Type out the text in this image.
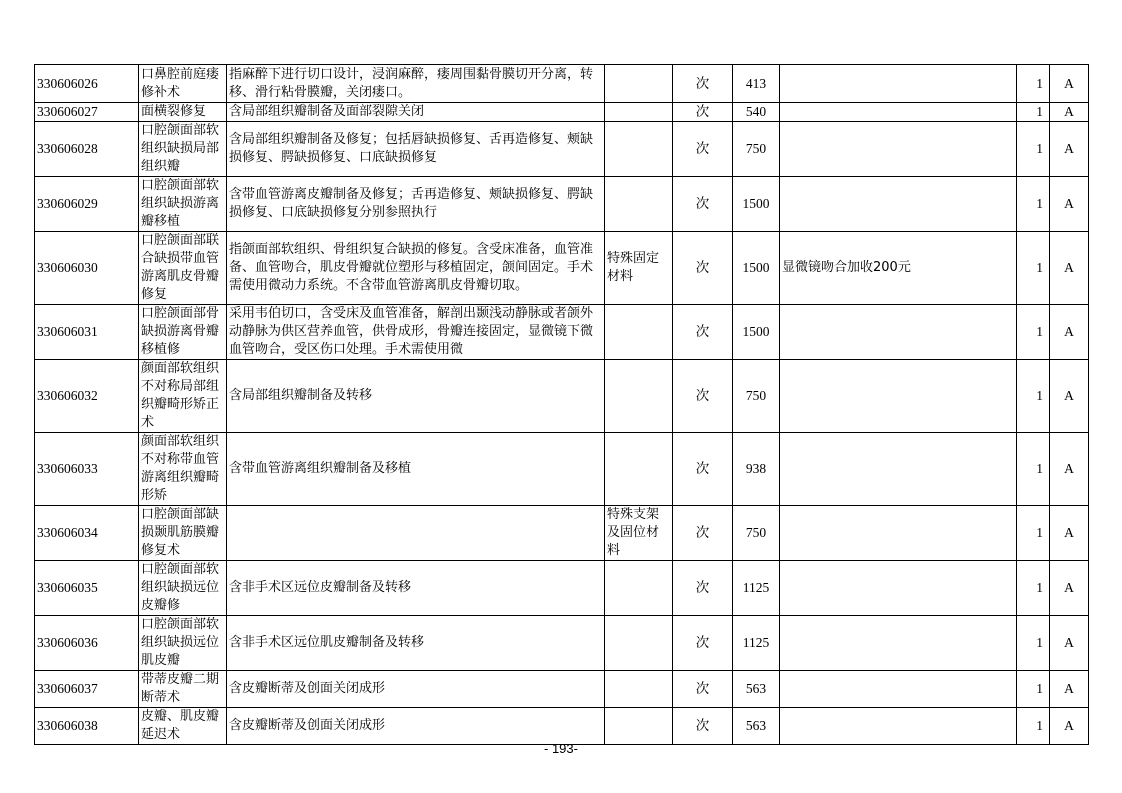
330606026	口鼻腔前庭瘘修补术	指麻醉下进行切口设计，浸润麻醉，瘘周围黏骨膜切开分离，转移、滑行粘骨膜瓣，关闭瘘口。		次	413		1	A

330606027	面横裂修复	含局部组织瓣制备及面部裂隙关闭		次	540		1	A

330606028	口腔颌面部软组织缺损局部组织瓣	含局部组织瓣制备及修复；包括唇缺损修复、舌再造修复、颊缺损修复、腭缺损修复、口底缺损修复		次	750		1	A

330606029	口腔颌面部软组织缺损游离瓣移植	含带血管游离皮瓣制备及修复；舌再造修复、颊缺损修复、腭缺损修复、口底缺损修复分别参照执行		次	1500		1	A

330606030	口腔颌面部联合缺损带血管游离肌皮骨瓣修复	指颌面部软组织、骨组织复合缺损的修复。含受床准备，血管准备、血管吻合，肌皮骨瓣就位塑形与移植固定，颌间固定。手术需使用微动力系统。不含带血管游离肌皮骨瓣切取。	特殊固定材料	次	1500	显微镜吻合加收200元	1	A

330606031	口腔颌面部骨缺损游离骨瓣移植修	采用韦伯切口，含受床及血管准备，解剖出颞浅动静脉或者颌外动静脉为供区营养血管，供骨成形，骨瓣连接固定，显微镜下微血管吻合，受区伤口处理。手术需使用微		次	1500		1	A

330606032	颜面部软组织不对称局部组织瓣畸形矫正术	含局部组织瓣制备及转移		次	750		1	A

330606033	颜面部软组织不对称带血管游离组织瓣畸形矫	含带血管游离组织瓣制备及移植		次	938		1	A

330606034	口腔颌面部缺损颞肌筋膜瓣修复术		特殊支架及固位材料	次	750		1	A

330606035	口腔颌面部软组织缺损远位皮瓣修	含非手术区远位皮瓣制备及转移		次	1125		1	A

330606036	口腔颌面部软组织缺损远位肌皮瓣	含非手术区远位肌皮瓣制备及转移		次	1125		1	A

330606037	带蒂皮瓣二期断蒂术	含皮瓣断蒂及创面关闭成形		次	563		1	A

330606038	皮瓣、肌皮瓣延迟术	含皮瓣断蒂及创面关闭成形		次	563		1	A
- 193-
